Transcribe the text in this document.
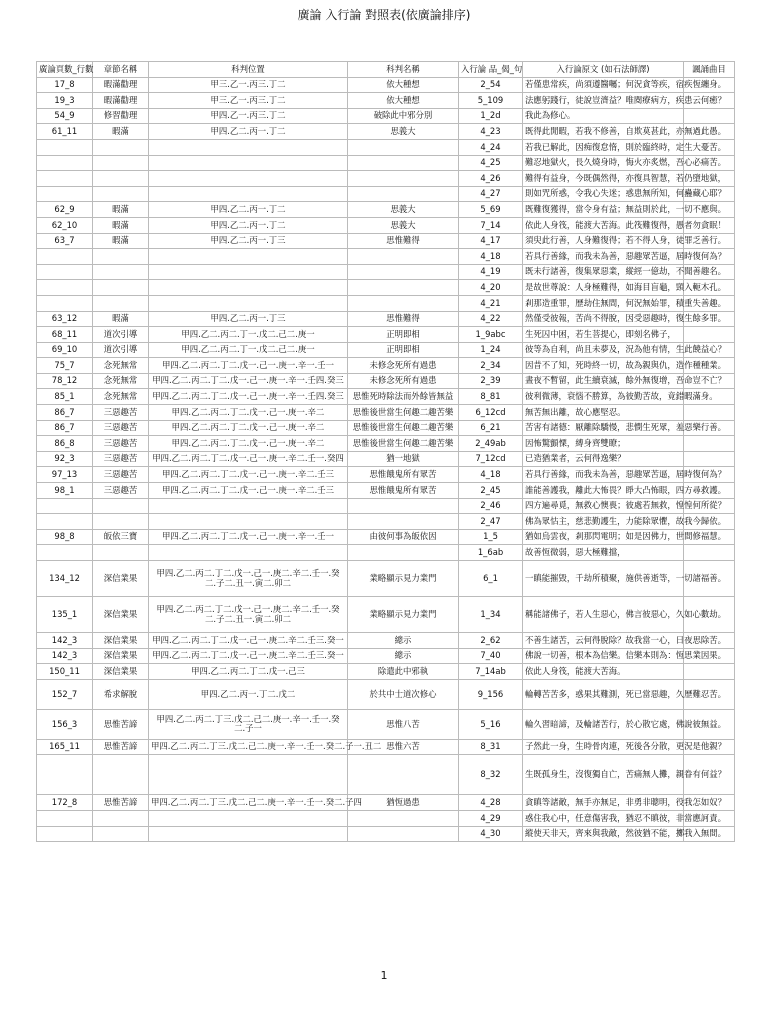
廣論 入行論 對照表(依廣論排序)
廣論頁數_行數	章節名稱	科判位置	科判名稱	入行論 品_偈_句	入行論原文 (如石法師譯)	諷誦曲目
17_8	暇滿勸理	甲三.乙一.丙三.丁二	依大種想	2_54	若僅患常疾，尚須遵醫囑；何況貪等疾，宿疾恆纏身。	
19_3	暇滿勸理	甲三.乙一.丙三.丁二	依大種想	5_109	法應躬踐行，徒說豈濟益？唯閱療病方，疾患云何癒？	
54_9	修習勸理	甲四.乙一.丙三.丁二	破除此中邪分別	1_2d	我此為修心。	
61_11	暇滿	甲四.乙二.丙一.丁二	思義大	4_23	既得此閒暇，若我不修善，自欺莫甚此，亦無過此愚。	
				4_24	若我已解此，因痴復怠惰，則於臨終時，定生大憂苦。	
				4_25	難忍地獄火，長久燒身時，悔火亦炙燃，吾心必痛苦。	
				4_26	難得有益身，今既偶然得，亦復具智慧，若仍墮地獄，	
				4_27	則如咒所惑，令我心失迷；惑患無所知，何蠱藏心耶？	
62_9	暇滿	甲四.乙二.丙一.丁二	思義大	5_69	既難復獲得，當令身有益；無益則於此，一切不應與。	
62_10	暇滿	甲四.乙二.丙一.丁二	思義大	7_14	依此人身筏，能渡大苦海。此筏難復得，愚者勿貪眠！	
63_7	暇滿	甲四.乙二.丙一.丁三	思惟難得	4_17	須臾此行善，人身難復得；若不得人身，徒罪乏善行。	
				4_18	若具行善緣，而我未為善，惡趣眾苦逼，屆時復何為？	
				4_19	既未行諸善，復集眾惡業，縱經一億劫，不聞善趣名。	
				4_20	是故世尊說：人身極難得，如海目盲龜，頸入軛木孔。	
				4_21	剎那造重罪，歷劫住無間，何況無始罪，積重失善趣。	
63_12	暇滿	甲四.乙二.丙一.丁三	思惟難得	4_22	然僅受彼報，苦尚不得脫，因受惡趣時，復生餘多罪。	
68_11	道次引導	甲四.乙二.丙二.丁一.戊二.己二.庚一	正明即相	1_9abc	生死囚中困，若生菩提心，即刻名佛子，	
69_10	道次引導	甲四.乙二.丙二.丁一.戊二.己二.庚一	正明即相	1_24	彼等為自利，尚且未夢及，況為他有情，生此饒益心？	
75_7	念死無常	甲四.乙二.丙二.丁二.戊一.己一.庚一.辛一.壬一	未修念死所有過患	2_34	因昔不了知，死時終一切，故為親與仇，造作種種業。	
78_12	念死無常	甲四.乙二.丙二.丁二.戊一.己一.庚一.辛一.壬四.癸三	未修念死所有過患	2_39	晝夜不暫留，此生續衰滅，餘外無復增，吾命豈不亡？	
85_1	念死無常	甲四.乙二.丙二.丁二.戊一.己一.庚一.辛一.壬四.癸三	思惟死時除法而外餘皆無益	8_81	彼利微薄，衰惱不勝算，為彼勤苦故，竟錯暇滿身。	
86_7	三惡趣苦	甲四.乙二.丙二.丁二.戊一.己一.庚一.辛二	思惟後世當生何趣二趣苦樂	6_12cd	無苦無出離，故心應堅忍。	
86_7	三惡趣苦	甲四.乙二.丙二.丁二.戊一.己一.庚一.辛二	思惟後世當生何趣二趣苦樂	6_21	苦害有諸德：厭離除驕慢，悲憫生死眾，羞惡樂行善。	
86_8	三惡趣苦	甲四.乙二.丙二.丁二.戊一.己一.庚一.辛二	思惟後世當生何趣二趣苦樂	2_49ab	因怖驚顫慄，縛身齊雙瞭；	
92_3	三惡趣苦	甲四.乙二.丙二.丁二.戊一.己一.庚一.辛二.壬一.癸四	猶一地獄	7_12cd	已造猶業者，云何得逸樂？	
97_13	三惡趣苦	甲四.乙二.丙二.丁二.戊一.己一.庚一.辛二.壬三	思惟餓鬼所有眾苦	4_18	若具行善緣，而我未為善，惡趣眾苦逼，屆時復何為？	
98_1	三惡趣苦	甲四.乙二.丙二.丁二.戊一.己一.庚一.辛二.壬三	思惟餓鬼所有眾苦	2_45	誰能善護我，離此大怖畏？睜大凸怖眼，四方尋救護。	
				2_46	四方遍尋覓，無救心懊喪；彼處若無救，惶惶何所從？	
				2_47	佛為眾怙主，慈悲勤護生，力能除眾懼，故我今歸依。	
98_8	皈依三寶	甲四.乙二.丙二.丁二.戊一.己一.庚一.辛一.壬一	由彼何事為皈依因	1_5	猶如烏雲夜，剎那閃電明；如是因佛力，世間修福慧。	
				1_6ab	故善恆微弱，惡大極難擋，	
134_12	深信業果	甲四.乙二.丙二.丁二.戊一.己一.庚二.辛二.壬一.癸二.子二.丑一.寅二.卯二	業略顯示見力業門	6_1	一瞋能摧毀，千劫所積聚，施供善逝等，一切諸福善。	
135_1	深信業果	甲四.乙二.丙二.丁二.戊一.己一.庚二.辛二.壬一.癸二.子二.丑一.寅二.卯二	業略顯示見力業門	1_34	稱能諸佛子，若人生惡心，佛言彼惡心，久如心數劫。	
142_3	深信業果	甲四.乙二.丙二.丁二.戊一.己一.庚二.辛二.壬三.癸一	總示	2_62	不善生諸苦，云何得脫除？故我當一心，日夜思除苦。	
142_3	深信業果	甲四.乙二.丙二.丁二.戊一.己一.庚二.辛二.壬三.癸一	總示	7_40	佛說一切善，根本為信樂。信樂本則為：恆思業因果。	
150_11	深信業果	甲四.乙二.丙二.丁二.戊一.己三	除遣此中邪執	7_14ab	依此人身筏，能渡大苦海。	
152_7	希求解脫	甲四.乙二.丙一.丁二.戊二	於共中士道次修心	9_156	輪轉苦苦多，惑果其難測，死已當惡趣，久歷難忍苦。	
156_3	思惟苦諦	甲四.乙二.丙二.丁三.戊二.己二.庚一.辛一.壬一.癸二.子一	思惟八苦	5_16	輪久習暗諦，及輪諸苦行，於心散它處，佛說彼無益。	
165_11	思惟苦諦	甲四.乙二.丙二.丁三.戊二.己二.庚一.辛一.壬一.癸二.子一.丑二	思惟六苦	8_31	子然此一身，生時骨肉連，死後各分散，更況是他親？	
				8_32	生既孤身生，沒復獨自亡，苦痛無人攤，親眷有何益？	
172_8	思惟苦諦	甲四.乙二.丙二.丁三.戊二.己二.庚一.辛一.壬一.癸二.子四	猶恆過患	4_28	貪瞋等諸敵，無手亦無足，非勇非聰明，役我怎如奴？	
				4_29	惑住我心中，任意傷害我，猶忍不瞋彼，非當應訶責。	
				4_30	縱使天非天，齊來與我敵，然彼猶不能，擲我入無間。	
1
